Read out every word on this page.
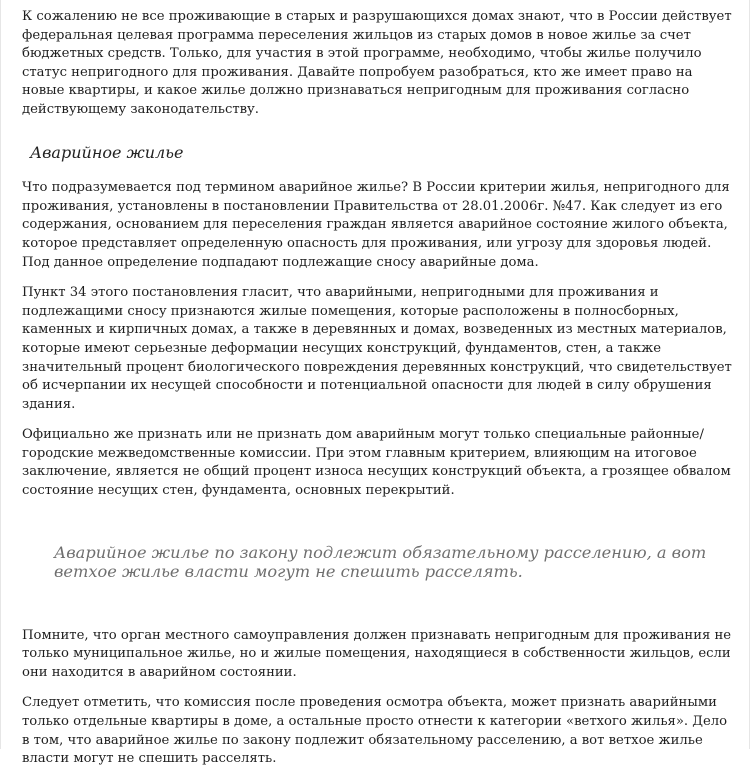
К сожалению не все проживающие в старых и разрушающихся домах знают, что в России действует федеральная целевая программа переселения жильцов из старых домов в новое жилье за счет бюджетных средств. Только, для участия в этой программе, необходимо, чтобы жилье получило статус непригодного для проживания. Давайте попробуем разобраться, кто же имеет право на новые квартиры, и какое жилье должно признаваться непригодным для проживания согласно действующему законодательству.

Аварийное жилье

Что подразумевается под термином аварийное жилье? В России критерии жилья, непригодного для проживания, установлены в постановлении Правительства от 28.01.2006г. №47. Как следует из его содержания, основанием для переселения граждан является аварийное состояние жилого объекта, которое представляет определенную опасность для проживания, или угрозу для здоровья людей. Под данное определение подпадают подлежащие сносу аварийные дома.

Пункт 34 этого постановления гласит, что аварийными, непригодными для проживания и подлежащими сносу признаются жилые помещения, которые расположены в полносборных, каменных и кирпичных домах, а также в деревянных и домах, возведенных из местных материалов, которые имеют серьезные деформации несущих конструкций, фундаментов, стен, а также значительный процент биологического повреждения деревянных конструкций, что свидетельствует об исчерпании их несущей способности и потенциальной опасности для людей в силу обрушения здания.

Официально же признать или не признать дом аварийным могут только специальные районные/городские межведомственные комиссии. При этом главным критерием, влияющим на итоговое заключение, является не общий процент износа несущих конструкций объекта, а грозящее обвалом состояние несущих стен, фундамента, основных перекрытий.

Аварийное жилье по закону подлежит обязательному расселению, а вот ветхое жилье власти могут не спешить расселять.

Помните, что орган местного самоуправления должен признавать непригодным для проживания не только муниципальное жилье, но и жилые помещения, находящиеся в собственности жильцов, если они находится в аварийном состоянии.

Следует отметить, что комиссия после проведения осмотра объекта, может признать аварийными только отдельные квартиры в доме, а остальные просто отнести к категории «ветхого жилья». Дело в том, что аварийное жилье по закону подлежит обязательному расселению, а вот ветхое жилье власти могут не спешить расселять.
